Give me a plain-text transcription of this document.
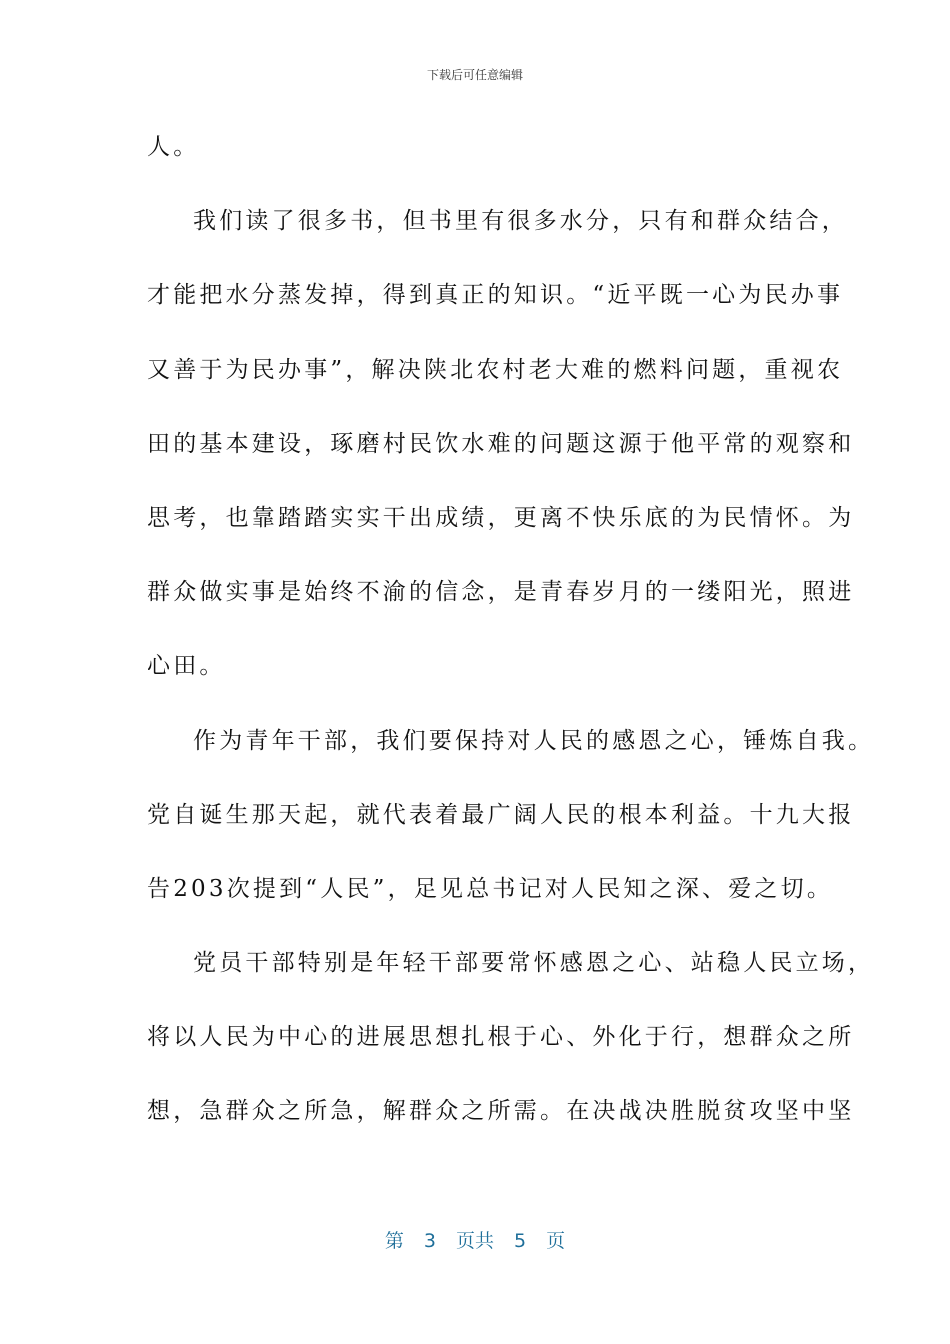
下载后可任意编辑
人。
我们读了很多书，但书里有很多水分，只有和群众结合，
才能把水分蒸发掉，得到真正的知识。“近平既一心为民办事
又善于为民办事”，解决陕北农村老大难的燃料问题，重视农
田的基本建设，琢磨村民饮水难的问题这源于他平常的观察和
思考，也靠踏踏实实干出成绩，更离不快乐底的为民情怀。为
群众做实事是始终不渝的信念，是青春岁月的一缕阳光，照进
心田。
作为青年干部，我们要保持对人民的感恩之心，锤炼自我。
党自诞生那天起，就代表着最广阔人民的根本利益。十九大报
告203次提到“人民”，足见总书记对人民知之深、爱之切。
党员干部特别是年轻干部要常怀感恩之心、站稳人民立场，
将以人民为中心的进展思想扎根于心、外化于行，想群众之所
想，急群众之所急，解群众之所需。在决战决胜脱贫攻坚中坚
第 3 页共 5 页
